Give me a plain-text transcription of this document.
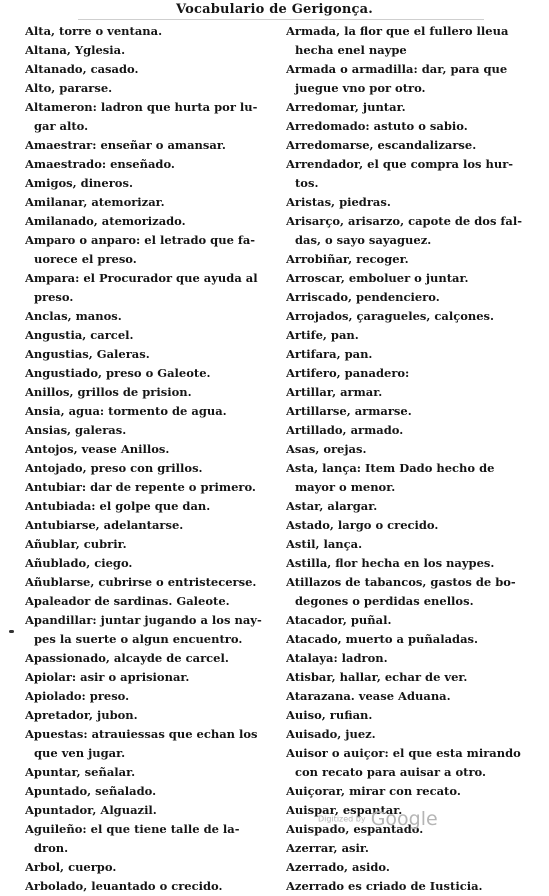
Vocabulario de Gerigonça.
Alta, torre o ventana.
Altana, Yglesia.
Altanado, casado.
Alto, pararse.
Altameron: ladron que hurta por lu-

gar alto.
Amaestrar: enseñar o amansar.
Amaestrado: enseñado.
Amigos, dineros.
Amilanar, atemorizar.
Amilanado, atemorizado.
Amparo o anparo: el letrado que fa-

uorece el preso.
Ampara: el Procurador que ayuda al

preso.
Anclas, manos.
Angustia, carcel.
Angustias, Galeras.
Angustiado, preso o Galeote.
Anillos, grillos de prision.
Ansia, agua: tormento de agua.
Ansias, galeras.
Antojos, vease Anillos.
Antojado, preso con grillos.
Antubiar: dar de repente o primero.
Antubiada: el golpe que dan.
Antubiarse, adelantarse.
Añublar, cubrir.
Añublado, ciego.
Añublarse, cubrirse o entristecerse.
Apaleador de sardinas. Galeote.
Apandillar: juntar jugando a los nay-

pes la suerte o algun encuentro.
Apassionado, alcayde de carcel.
Apiolar: asir o aprisionar.
Apiolado: preso.
Apretador, jubon.
Apuestas: atrauiessas que echan los

que ven jugar.
Apuntar, señalar.
Apuntado, señalado.
Apuntador, Alguazil.
Aguileño: el que tiene talle de la-

dron.
Arbol, cuerpo.
Arbolado, leuantado o crecido.
Armada, la flor que el fullero lleua

hecha enel naype
Armada o armadilla: dar, para que

juegue vno por otro.
Arredomar, juntar.
Arredomado: astuto o sabio.
Arredomarse, escandalizarse.
Arrendador, el que compra los hur-

tos.
Aristas, piedras.
Arisarço, arisarzo, capote de dos fal-

das, o sayo sayaguez.
Arrobiñar, recoger.
Arroscar, emboluer o juntar.
Arriscado, pendenciero.
Arrojados, çaragueles, calçones.
Artife, pan.
Artifara, pan.
Artifero, panadero:
Artillar, armar.
Artillarse, armarse.
Artillado, armado.
Asas, orejas.
Asta, lança: Item Dado hecho de

mayor o menor.
Astar, alargar.
Astado, largo o crecido.
Astil, lança.
Astilla, flor hecha en los naypes.
Atillazos de tabancos, gastos de bo-

degones o perdidas enellos.
Atacador, puñal.
Atacado, muerto a puñaladas.
Atalaya: ladron.
Atisbar, hallar, echar de ver.
Atarazana. vease Aduana.
Auiso, rufian.
Auisado, juez.
Auisor o auiçor: el que esta mirando

con recato para auisar a otro.
Auiçorar, mirar con recato.
Auispar, espantar.
Auispado, espantado.
Azerrar, asir.
Azerrado, asido.
Azerrado es criado de Iusticia.
Digitized by Google
